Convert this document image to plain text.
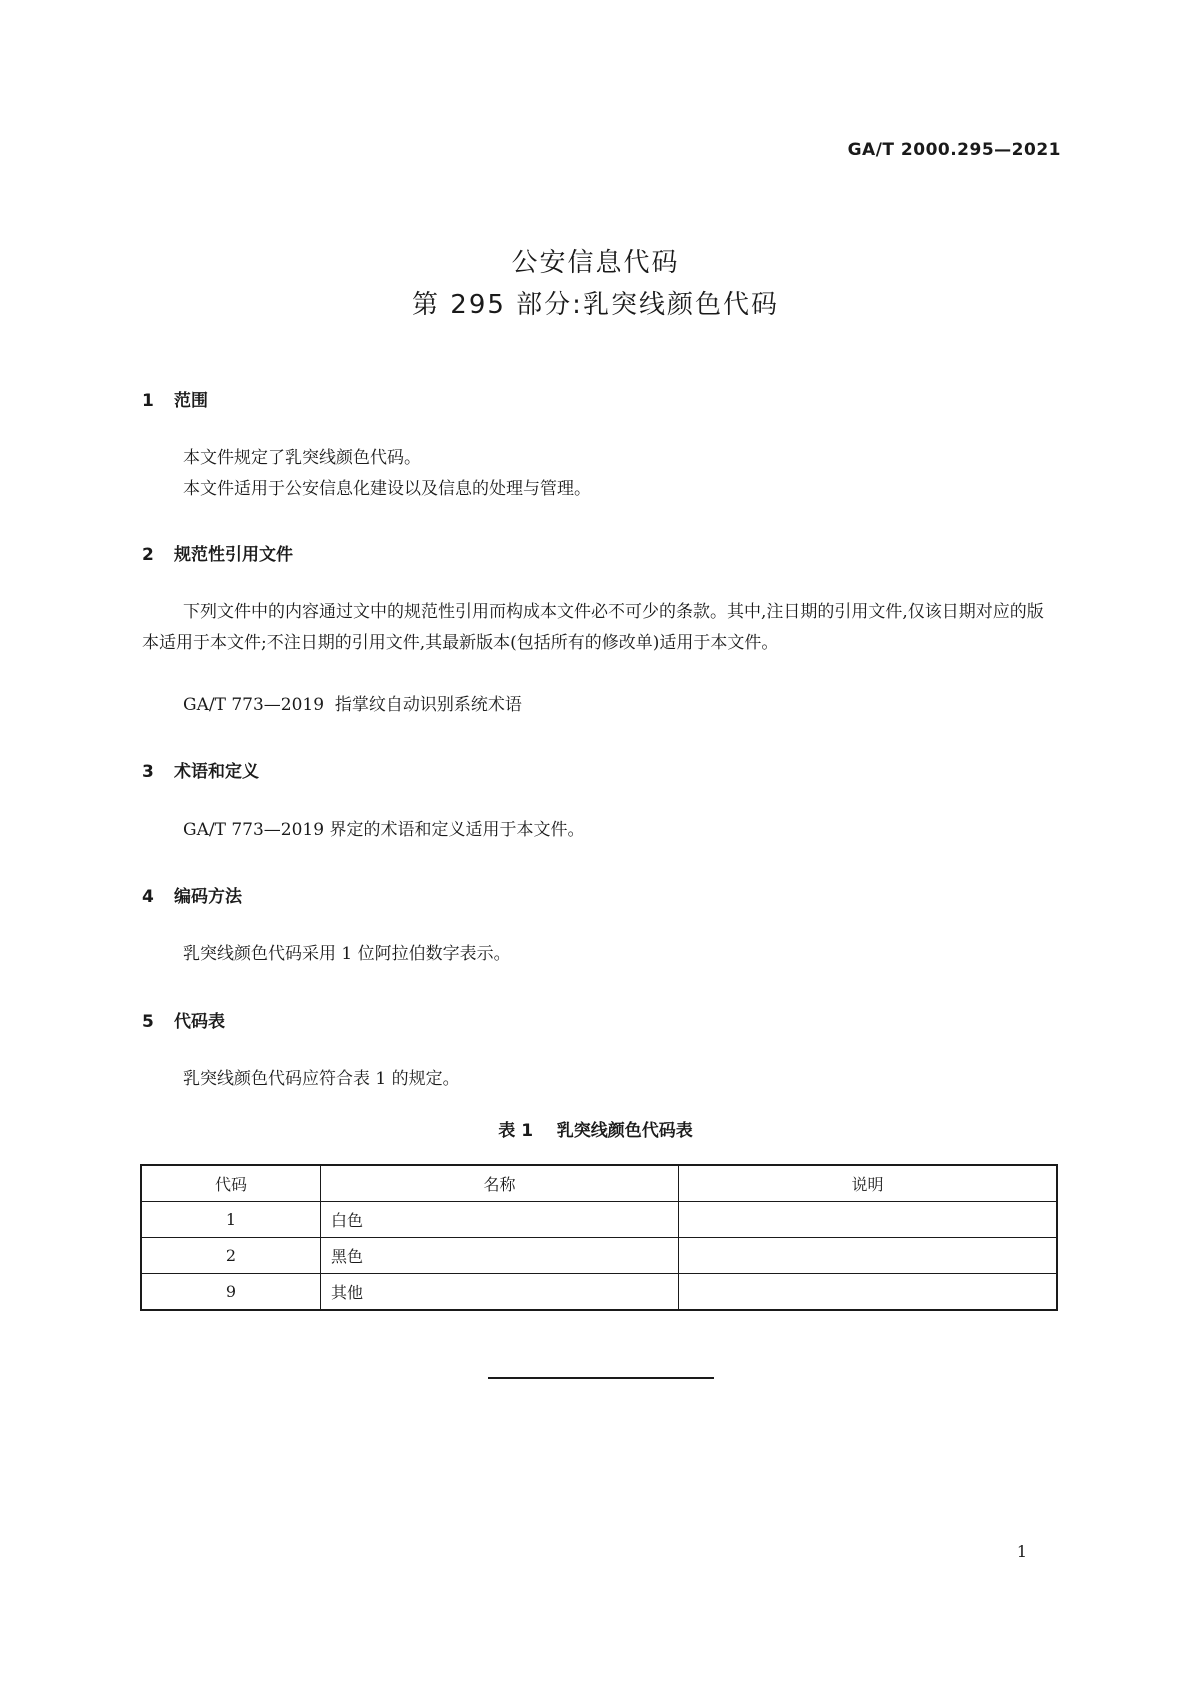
GA/T 2000.295—2021
公安信息代码
第 295 部分:乳突线颜色代码
1 范围
本文件规定了乳突线颜色代码。
本文件适用于公安信息化建设以及信息的处理与管理。
2 规范性引用文件
下列文件中的内容通过文中的规范性引用而构成本文件必不可少的条款。其中,注日期的引用文件,仅该日期对应的版本适用于本文件;不注日期的引用文件,其最新版本(包括所有的修改单)适用于本文件。
GA/T 773—2019  指掌纹自动识别系统术语
3 术语和定义
GA/T 773—2019 界定的术语和定义适用于本文件。
4 编码方法
乳突线颜色代码采用 1 位阿拉伯数字表示。
5 代码表
乳突线颜色代码应符合表 1 的规定。
表 1    乳突线颜色代码表
代码	名称	说明
1	白色	
2	黑色	
9	其他	
1
